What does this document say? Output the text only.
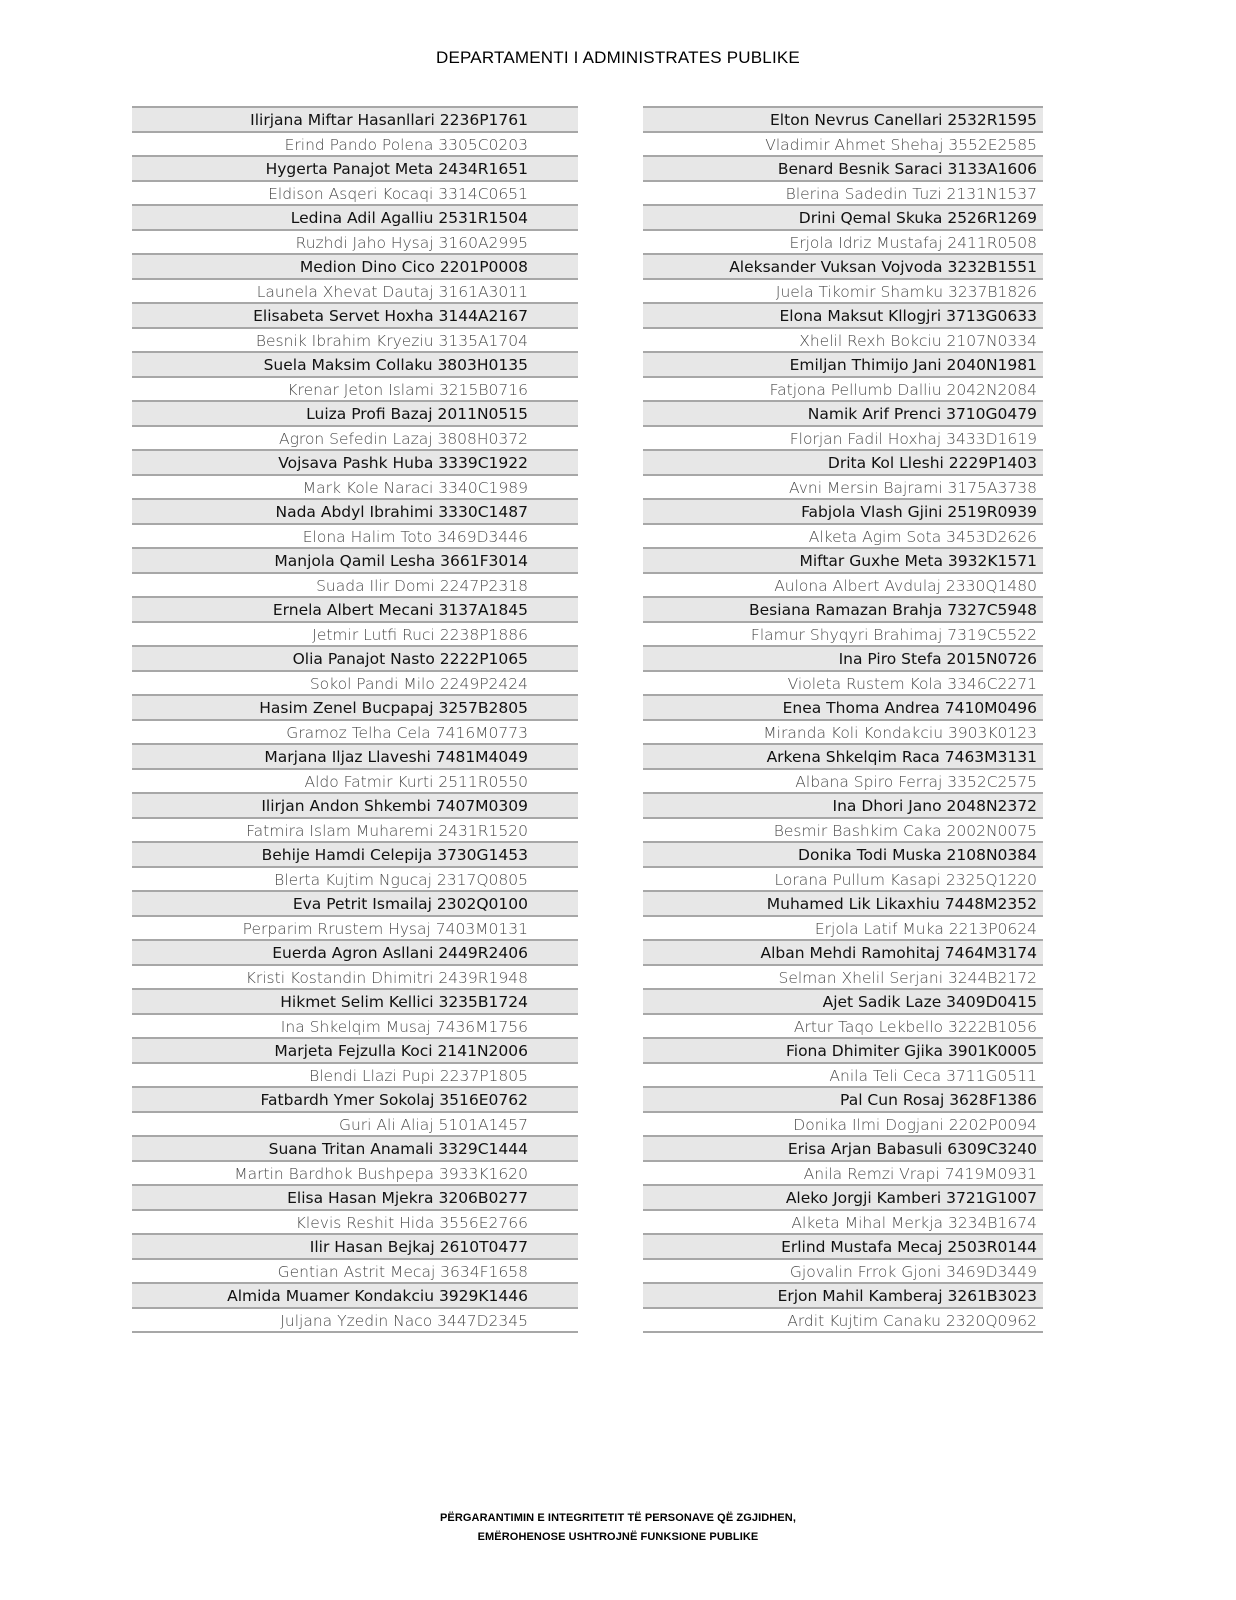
DEPARTAMENTI I ADMINISTRATES PUBLIKE
Ilirjana Miftar Hasanllari 2236P1761
Erind Pando Polena 3305C0203
Hygerta Panajot Meta 2434R1651
Eldison Asqeri Kocaqi 3314C0651
Ledina Adil Agalliu 2531R1504
Ruzhdi Jaho Hysaj 3160A2995
Medion Dino Cico 2201P0008
Launela Xhevat Dautaj 3161A3011
Elisabeta Servet Hoxha 3144A2167
Besnik Ibrahim Kryeziu 3135A1704
Suela Maksim Collaku 3803H0135
Krenar Jeton Islami 3215B0716
Luiza Profi Bazaj 2011N0515
Agron Sefedin Lazaj 3808H0372
Vojsava Pashk Huba 3339C1922
Mark Kole Naraci 3340C1989
Nada Abdyl Ibrahimi 3330C1487
Elona Halim Toto 3469D3446
Manjola Qamil Lesha 3661F3014
Suada Ilir Domi 2247P2318
Ernela Albert Mecani 3137A1845
Jetmir Lutfi Ruci 2238P1886
Olia Panajot Nasto 2222P1065
Sokol Pandi Milo 2249P2424
Hasim Zenel Bucpapaj 3257B2805
Gramoz Telha Cela 7416M0773
Marjana Iljaz Llaveshi 7481M4049
Aldo Fatmir Kurti 2511R0550
Ilirjan Andon Shkembi 7407M0309
Fatmira Islam Muharemi 2431R1520
Behije Hamdi Celepija 3730G1453
Blerta Kujtim Ngucaj 2317Q0805
Eva Petrit Ismailaj 2302Q0100
Perparim Rrustem Hysaj 7403M0131
Euerda Agron Asllani 2449R2406
Kristi Kostandin Dhimitri 2439R1948
Hikmet Selim Kellici 3235B1724
Ina Shkelqim Musaj 7436M1756
Marjeta Fejzulla Koci 2141N2006
Blendi Llazi Pupi 2237P1805
Fatbardh Ymer Sokolaj 3516E0762
Guri Ali Aliaj 5101A1457
Suana Tritan Anamali 3329C1444
Martin Bardhok Bushpepa 3933K1620
Elisa Hasan Mjekra 3206B0277
Klevis Reshit Hida 3556E2766
Ilir Hasan Bejkaj 2610T0477
Gentian Astrit Mecaj 3634F1658
Almida Muamer Kondakciu 3929K1446
Juljana Yzedin Naco 3447D2345
Elton Nevrus Canellari 2532R1595
Vladimir Ahmet Shehaj 3552E2585
Benard Besnik Saraci 3133A1606
Blerina Sadedin Tuzi 2131N1537
Drini Qemal Skuka 2526R1269
Erjola Idriz Mustafaj 2411R0508
Aleksander Vuksan Vojvoda 3232B1551
Juela Tikomir Shamku 3237B1826
Elona Maksut Kllogjri 3713G0633
Xhelil Rexh Bokciu 2107N0334
Emiljan Thimijo Jani 2040N1981
Fatjona Pellumb Dalliu 2042N2084
Namik Arif Prenci 3710G0479
Florjan Fadil Hoxhaj 3433D1619
Drita Kol Lleshi 2229P1403
Avni Mersin Bajrami 3175A3738
Fabjola Vlash Gjini 2519R0939
Alketa Agim Sota 3453D2626
Miftar Guxhe Meta 3932K1571
Aulona Albert Avdulaj 2330Q1480
Besiana Ramazan Brahja 7327C5948
Flamur Shyqyri Brahimaj 7319C5522
Ina Piro Stefa 2015N0726
Violeta Rustem Kola 3346C2271
Enea Thoma Andrea 7410M0496
Miranda Koli Kondakciu 3903K0123
Arkena Shkelqim Raca 7463M3131
Albana Spiro Ferraj 3352C2575
Ina Dhori Jano 2048N2372
Besmir Bashkim Caka 2002N0075
Donika Todi Muska 2108N0384
Lorana Pullum Kasapi 2325Q1220
Muhamed Lik Likaxhiu 7448M2352
Erjola Latif Muka 2213P0624
Alban Mehdi Ramohitaj 7464M3174
Selman Xhelil Serjani 3244B2172
Ajet Sadik Laze 3409D0415
Artur Taqo Lekbello 3222B1056
Fiona Dhimiter Gjika 3901K0005
Anila Teli Ceca 3711G0511
Pal Cun Rosaj 3628F1386
Donika Ilmi Dogjani 2202P0094
Erisa Arjan Babasuli 6309C3240
Anila Remzi Vrapi 7419M0931
Aleko Jorgji Kamberi 3721G1007
Alketa Mihal Merkja 3234B1674
Erlind Mustafa Mecaj 2503R0144
Gjovalin Frrok Gjoni 3469D3449
Erjon Mahil Kamberaj 3261B3023
Ardit Kujtim Canaku 2320Q0962
PËRGARANTIMIN E INTEGRITETIT TË PERSONAVE QË ZGJIDHEN,
EMËROHENOSE USHTROJNË FUNKSIONE PUBLIKE
